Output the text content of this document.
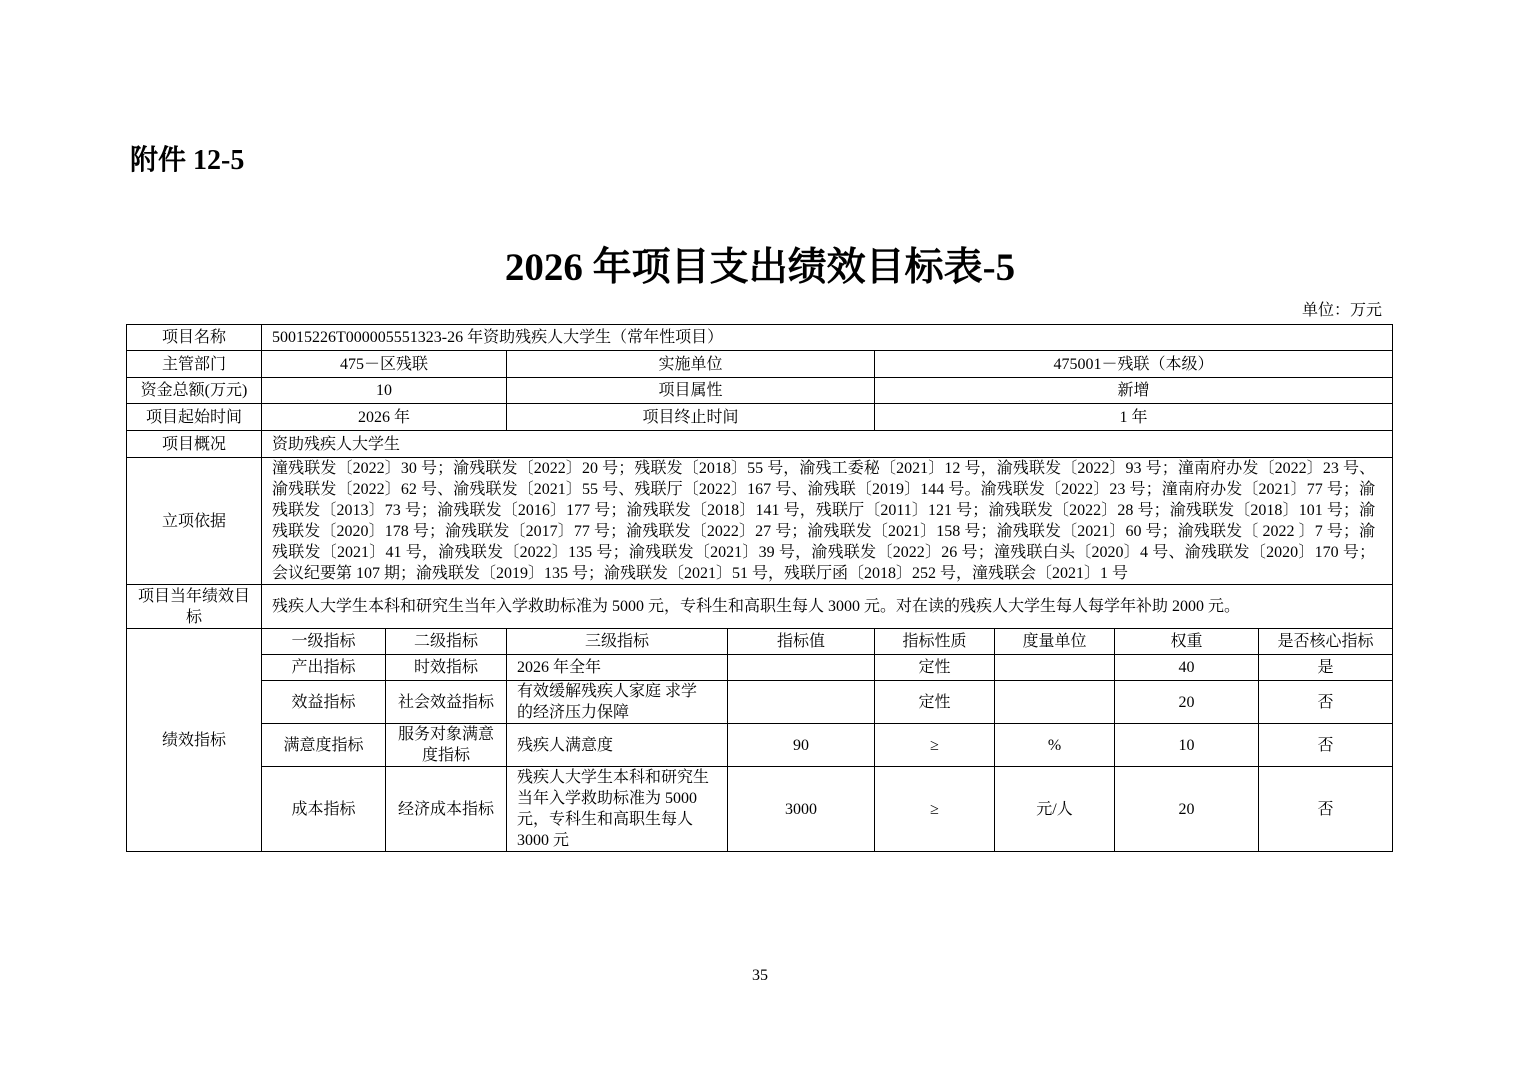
附件 12-5
2026 年项目支出绩效目标表-5
单位：万元
项目名称	50015226T000005551323-26 年资助残疾人大学生（常年性项目）							
主管部门	475－区残联		实施单位		475001－残联（本级）			
资金总额(万元)	10		项目属性		新增			
项目起始时间	2026 年		项目终止时间		1 年			
项目概况	资助残疾人大学生							
立项依据	潼残联发〔2022〕30 号；渝残联发〔2022〕20 号；残联发〔2018〕55 号，渝残工委秘〔2021〕12 号，渝残联发〔2022〕93 号；潼南府办发〔2022〕23 号、渝残联发〔2022〕62 号、渝残联发〔2021〕55 号、残联厅〔2022〕167 号、渝残联〔2019〕144 号。渝残联发〔2022〕23 号；潼南府办发〔2021〕77 号；渝残联发〔2013〕73 号；渝残联发〔2016〕177 号；渝残联发〔2018〕141 号，残联厅〔2011〕121 号；渝残联发〔2022〕28 号；渝残联发〔2018〕101 号；渝残联发〔2020〕178 号；渝残联发〔2017〕77 号；渝残联发〔2022〕27 号；渝残联发〔2021〕158 号；渝残联发〔2021〕60 号；渝残联发〔 2022 〕7 号；渝残联发〔2021〕41 号，渝残联发〔2022〕135 号；渝残联发〔2021〕39 号，渝残联发〔2022〕26 号；潼残联白头〔2020〕4 号、渝残联发〔2020〕170 号；会议纪要第 107 期；渝残联发〔2019〕135 号；渝残联发〔2021〕51 号，残联厅函〔2018〕252 号，潼残联会〔2021〕1 号							
项目当年绩效目标	残疾人大学生本科和研究生当年入学救助标准为 5000 元，专科生和高职生每人 3000 元。对在读的残疾人大学生每人每学年补助 2000 元。							
绩效指标	一级指标	二级指标	三级指标	指标值	指标性质	度量单位	权重	是否核心指标
	产出指标	时效指标	2026 年全年		定性		40	是
	效益指标	社会效益指标	有效缓解残疾人家庭 求学的经济压力保障		定性		20	否
	满意度指标	服务对象满意度指标	残疾人满意度	90	≥	%	10	否
	成本指标	经济成本指标	残疾人大学生本科和研究生当年入学救助标准为 5000 元，专科生和高职生每人 3000 元	3000	≥	元/人	20	否
35
